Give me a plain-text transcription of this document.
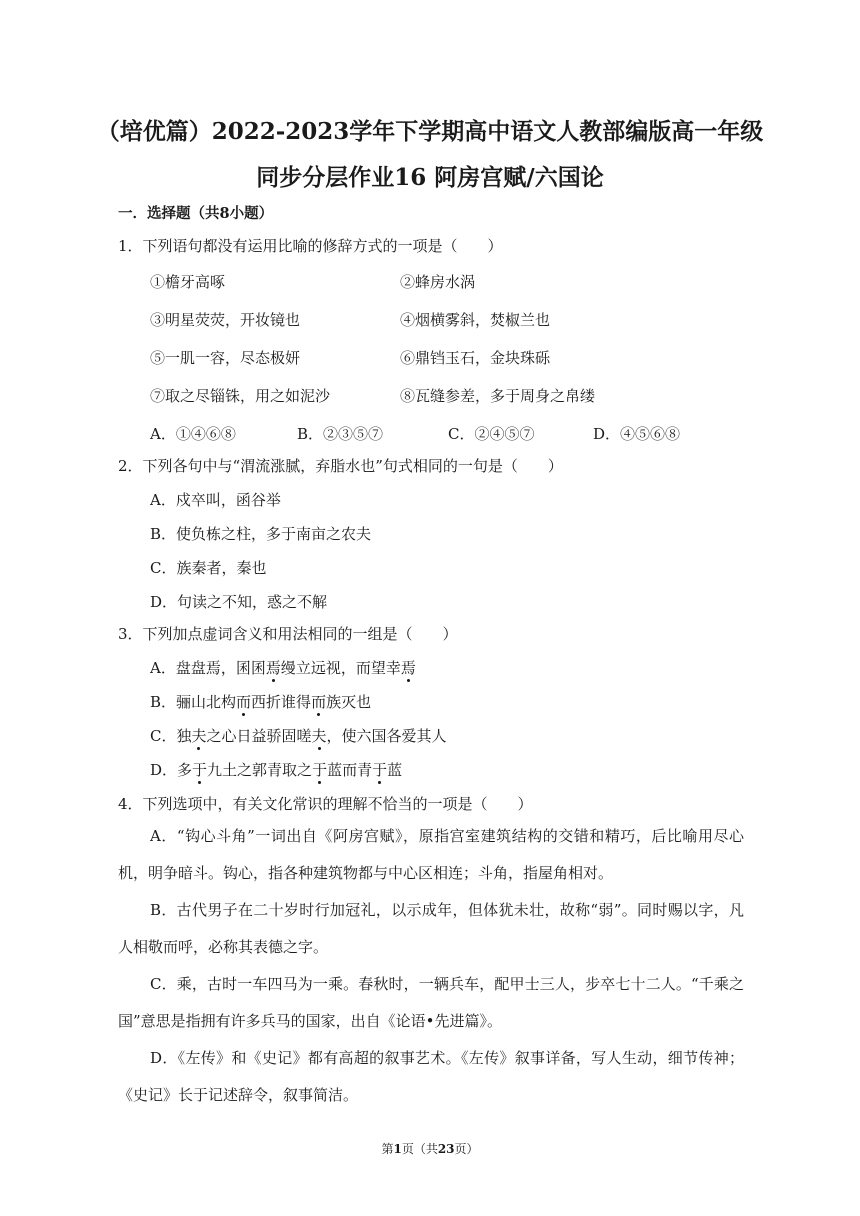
（培优篇）2022-2023学年下学期高中语文人教部编版高一年级
同步分层作业16 阿房宫赋/六国论
一．选择题（共8小题）
1．下列语句都没有运用比喻的修辞方式的一项是（　　）
①檐牙高啄	②蜂房水涡
③明星荧荧，开妆镜也	④烟横雾斜，焚椒兰也
⑤一肌一容，尽态极妍	⑥鼎铛玉石，金块珠砾
⑦取之尽锱铢，用之如泥沙	⑧瓦缝参差，多于周身之帛缕
A．①④⑥⑧	B．②③⑤⑦	C．②④⑤⑦	D．④⑤⑥⑧
2．下列各句中与“渭流涨腻，弃脂水也”句式相同的一句是（　　）
A．戍卒叫，函谷举
B．使负栋之柱，多于南亩之农夫
C．族秦者，秦也
D．句读之不知，惑之不解
3．下列加点虚词含义和用法相同的一组是（　　）
A．盘盘焉，囷囷焉缦立远视，而望幸焉
B．骊山北构而西折谁得而族灭也
C．独夫之心日益骄固嗟夫，使六国各爱其人
D．多于九土之郭青取之于蓝而青于蓝
4．下列选项中，有关文化常识的理解不恰当的一项是（　　）
A．“钩心斗角”一词出自《阿房宫赋》，原指宫室建筑结构的交错和精巧，后比喻用尽心机，明争暗斗。钩心，指各种建筑物都与中心区相连；斗角，指屋角相对。
B．古代男子在二十岁时行加冠礼，以示成年，但体犹未壮，故称“弱”。同时赐以字，凡人相敬而呼，必称其表德之字。
C．乘，古时一车四马为一乘。春秋时，一辆兵车，配甲士三人，步卒七十二人。“千乘之国”意思是指拥有许多兵马的国家，出自《论语•先进篇》。
D．《左传》和《史记》都有高超的叙事艺术。《左传》叙事详备，写人生动，细节传神；《史记》长于记述辞令，叙事简洁。
第1页（共23页）
